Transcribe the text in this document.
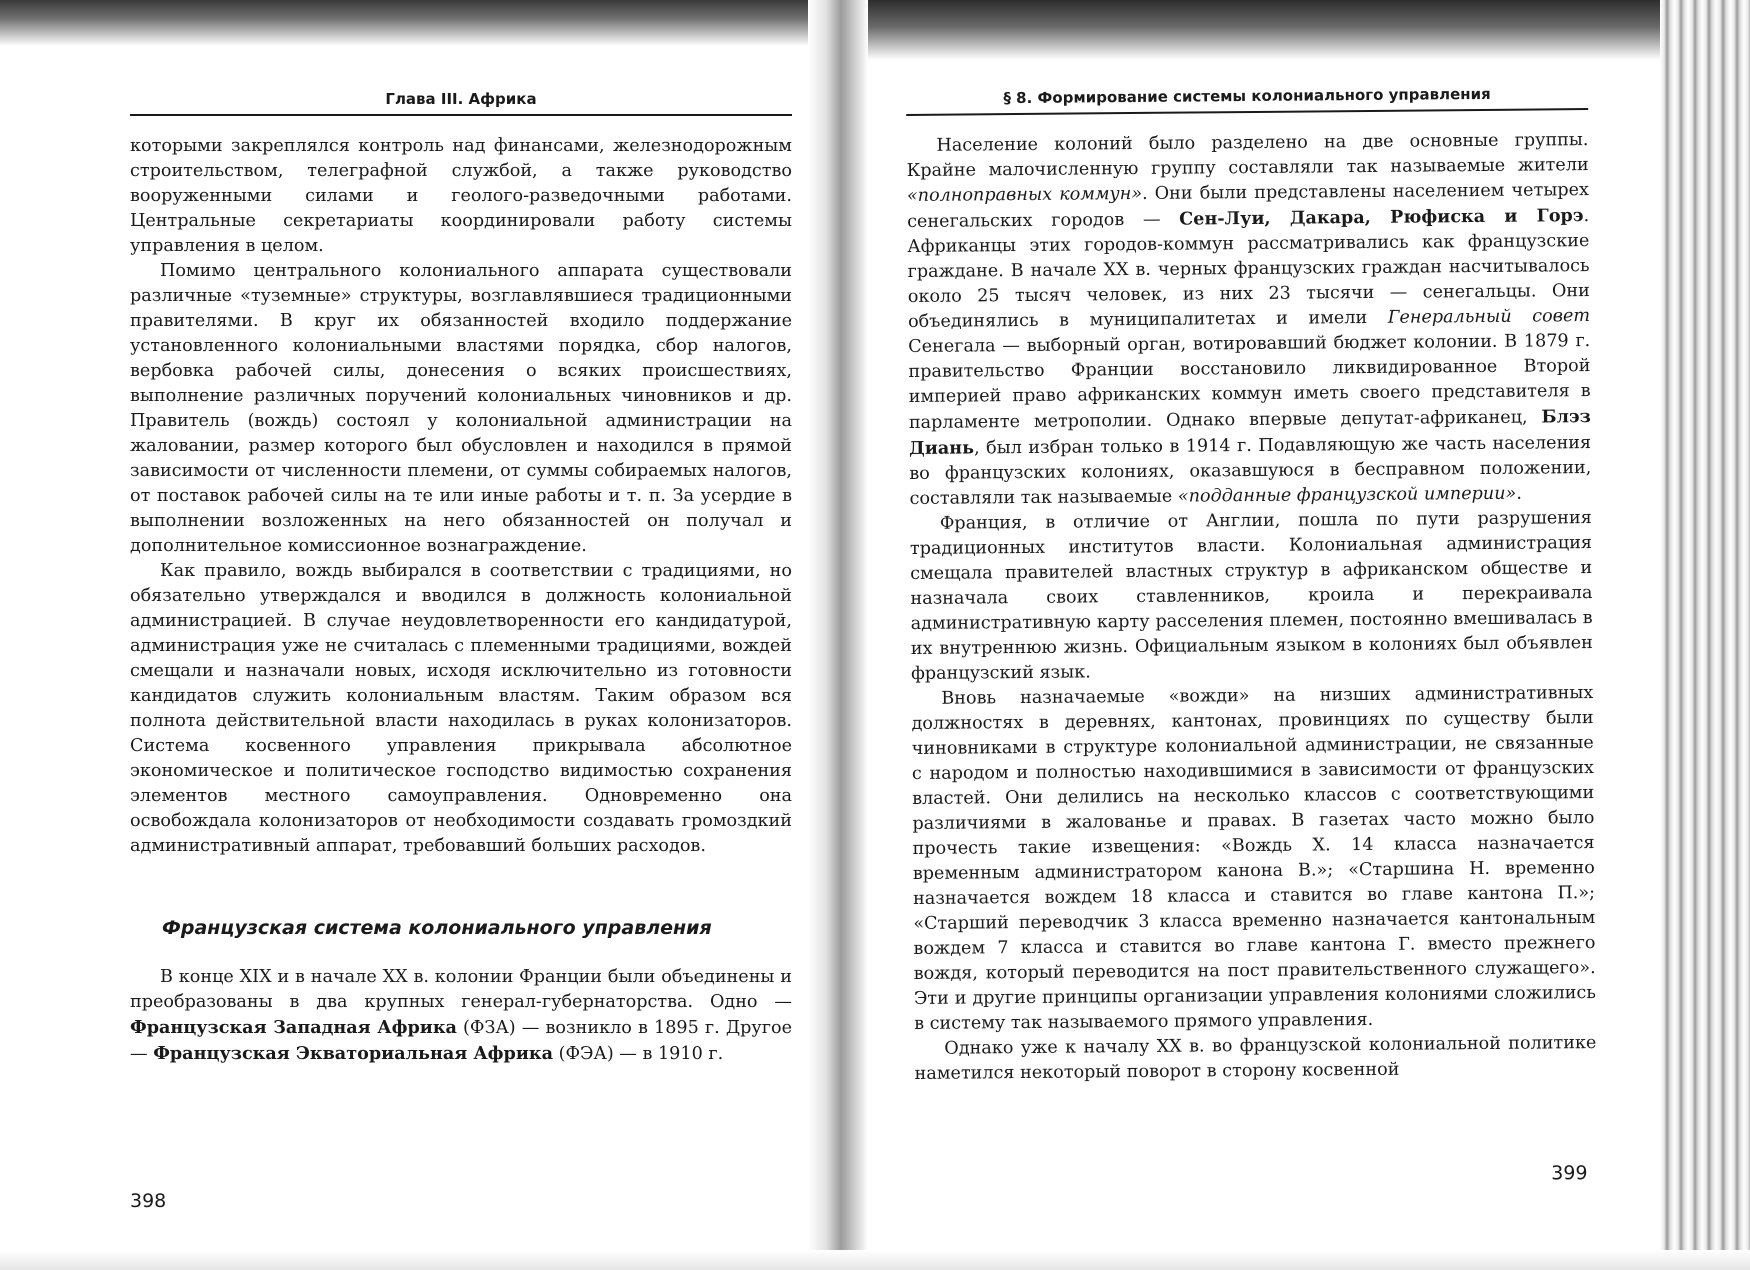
Глава III. Африка

которыми закреплялся контроль над финансами, железнодорожным строительством, телеграфной службой, а также руководство вооруженными силами и геолого-разведочными работами. Центральные секретариаты координировали работу системы управления в целом.

Помимо центрального колониального аппарата существовали различные «туземные» структуры, возглавлявшиеся традиционными правителями. В круг их обязанностей входило поддержание установленного колониальными властями порядка, сбор налогов, вербовка рабочей силы, донесения о всяких происшествиях, выполнение различных поручений колониальных чиновников и др. Правитель (вождь) состоял у колониальной администрации на жаловании, размер которого был обусловлен и находился в прямой зависимости от численности племени, от суммы собираемых налогов, от поставок рабочей силы на те или иные работы и т. п. За усердие в выполнении возложенных на него обязанностей он получал и дополнительное комиссионное вознаграждение.

Как правило, вождь выбирался в соответствии с традициями, но обязательно утверждался и вводился в должность колониальной администрацией. В случае неудовлетворенности его кандидатурой, администрация уже не считалась с племенными традициями, вождей смещали и назначали новых, исходя исключительно из готовности кандидатов служить колониальным властям. Таким образом вся полнота действительной власти находилась в руках колонизаторов. Система косвенного управления прикрывала абсолютное экономическое и политическое господство видимостью сохранения элементов местного самоуправления. Одновременно она освобождала колонизаторов от необходимости создавать громоздкий административный аппарат, требовавший больших расходов.

Французская система колониального управления

В конце XIX и в начале XX в. колонии Франции были объединены и преобразованы в два крупных генерал-губернаторства. Одно — Французская Западная Африка (ФЗА) — возникло в 1895 г. Другое — Французская Экваториальная Африка (ФЭА) — в 1910 г.

398
§ 8. Формирование системы колониального управления

Население колоний было разделено на две основные группы. Крайне малочисленную группу составляли так называемые жители «полноправных коммун». Они были представлены населением четырех сенегальских городов — Сен-Луи, Дакара, Рюфиска и Горэ. Африканцы этих городов-коммун рассматривались как французские граждане. В начале XX в. черных французских граждан насчитывалось около 25 тысяч человек, из них 23 тысячи — сенегальцы. Они объединялись в муниципалитетах и имели Генеральный совет Сенегала — выборный орган, вотировавший бюджет колонии. В 1879 г. правительство Франции восстановило ликвидированное Второй империей право африканских коммун иметь своего представителя в парламенте метрополии. Однако впервые депутат-африканец, Блэз Диань, был избран только в 1914 г. Подавляющую же часть населения во французских колониях, оказавшуюся в бесправном положении, составляли так называемые «подданные французской империи».

Франция, в отличие от Англии, пошла по пути разрушения традиционных институтов власти. Колониальная администрация смещала правителей властных структур в африканском обществе и назначала своих ставленников, кроила и перекраивала административную карту расселения племен, постоянно вмешивалась в их внутреннюю жизнь. Официальным языком в колониях был объявлен французский язык.

Вновь назначаемые «вожди» на низших административных должностях в деревнях, кантонах, провинциях по существу были чиновниками в структуре колониальной администрации, не связанные с народом и полностью находившимися в зависимости от французских властей. Они делились на несколько классов с соответствующими различиями в жалованье и правах. В газетах часто можно было прочесть такие извещения: «Вождь X. 14 класса назначается временным администратором канона В.»; «Старшина Н. временно назначается вождем 18 класса и ставится во главе кантона П.»; «Старший переводчик 3 класса временно назначается кантональным вождем 7 класса и ставится во главе кантона Г. вместо прежнего вождя, который переводится на пост правительственного служащего». Эти и другие принципы организации управления колониями сложились в систему так называемого прямого управления.

Однако уже к началу XX в. во французской колониальной политике наметился некоторый поворот в сторону косвенной

399
